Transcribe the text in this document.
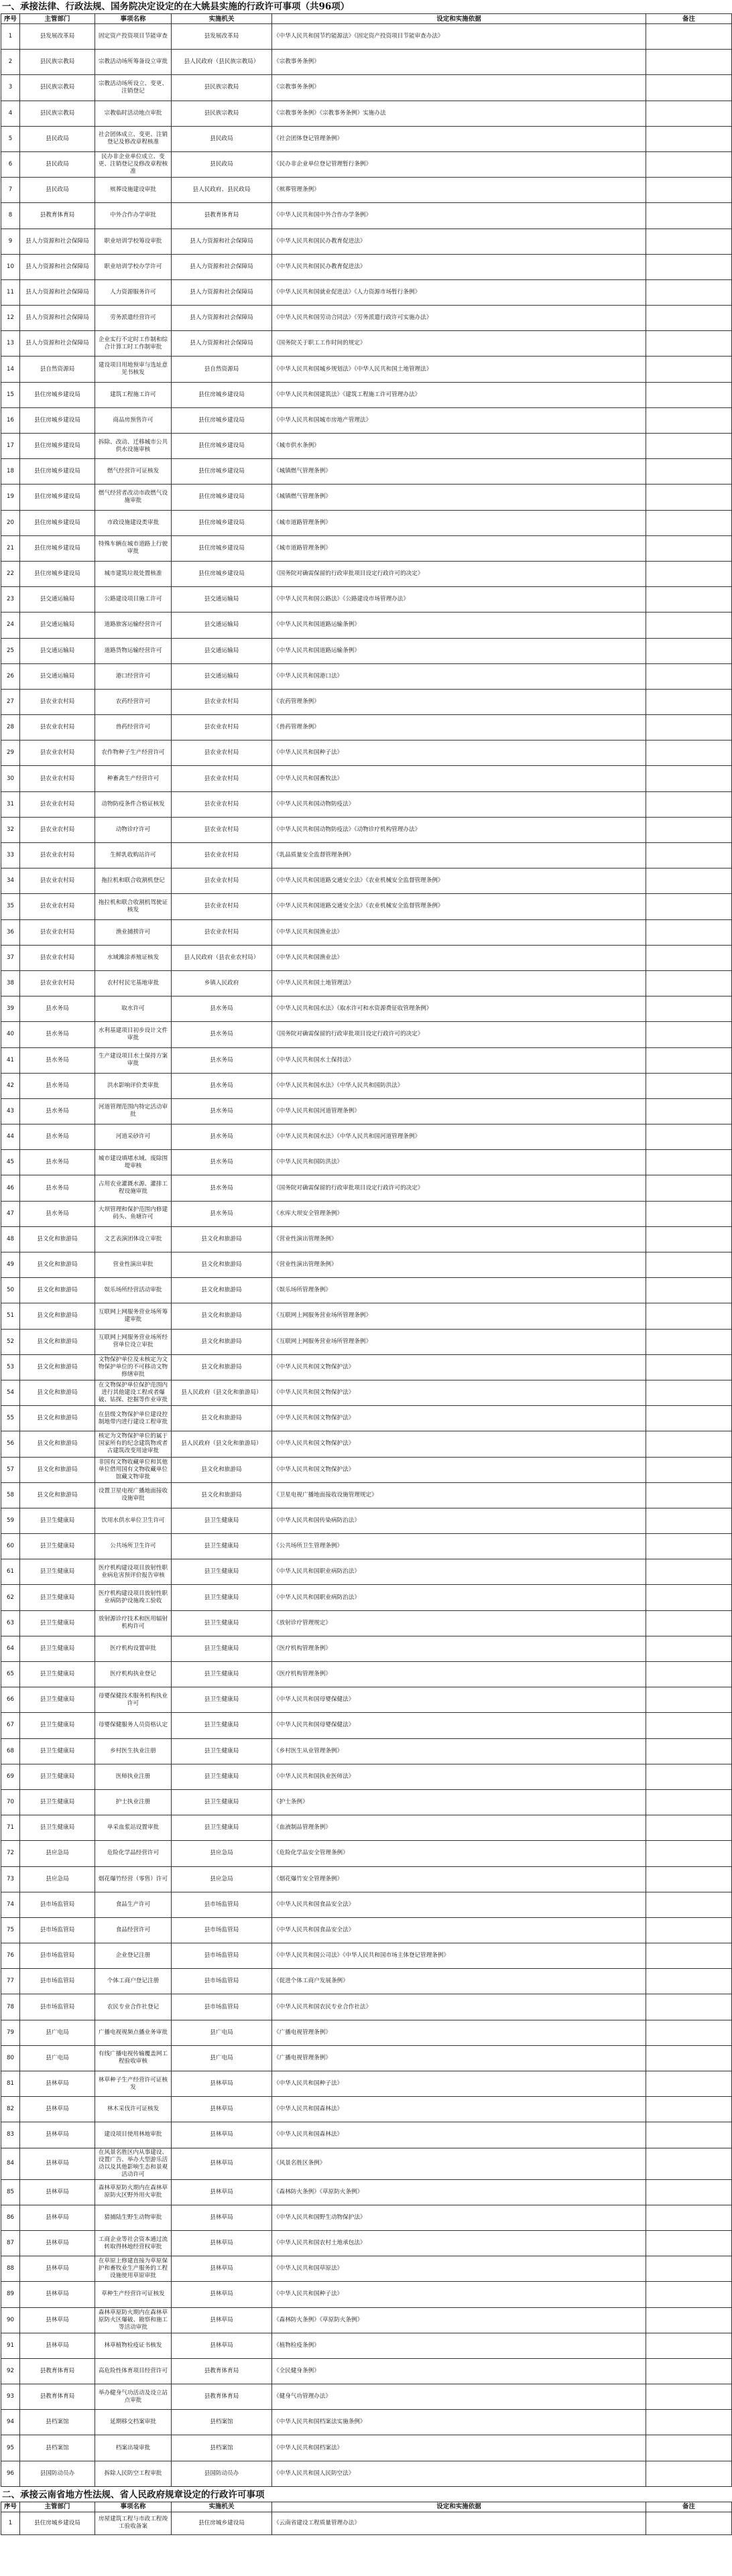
一、承接法律、行政法规、国务院决定设定的在大姚县实施的行政许可事项（共96项）
序号	主管部门	事项名称	实施机关	设定和实施依据	备注
1	县发展改革局	固定资产投资项目节能审查	县发展改革局	《中华人民共和国节约能源法》《固定资产投资项目节能审查办法》	
2	县民族宗教局	宗教活动场所筹备设立审批	县人民政府（县民族宗教局）	《宗教事务条例》	
3	县民族宗教局	宗教活动场所设立、变更、注销登记	县民族宗教局	《宗教事务条例》	
4	县民族宗教局	宗教临时活动地点审批	县民族宗教局	《宗教事务条例》《宗教事务条例》实施办法	
5	县民政局	社会团体成立、变更、注销登记及修改章程核准	县民政局	《社会团体登记管理条例》	
6	县民政局	民办非企业单位成立、变更、注销登记及修改章程核准	县民政局	《民办非企业单位登记管理暂行条例》	
7	县民政局	殡葬设施建设审批	县人民政府、县民政局	《殡葬管理条例》	
8	县教育体育局	中外合作办学审批	县教育体育局	《中华人民共和国中外合作办学条例》	
9	县人力资源和社会保障局	职业培训学校筹设审批	县人力资源和社会保障局	《中华人民共和国民办教育促进法》	
10	县人力资源和社会保障局	职业培训学校办学许可	县人力资源和社会保障局	《中华人民共和国民办教育促进法》	
11	县人力资源和社会保障局	人力资源服务许可	县人力资源和社会保障局	《中华人民共和国就业促进法》《人力资源市场暂行条例》	
12	县人力资源和社会保障局	劳务派遣经营许可	县人力资源和社会保障局	《中华人民共和国劳动合同法》《劳务派遣行政许可实施办法》	
13	县人力资源和社会保障局	企业实行不定时工作制和综合计算工时工作制审批	县人力资源和社会保障局	《国务院关于职工工作时间的规定》	
14	县自然资源局	建设项目用地预审与选址意见书核发	县自然资源局	《中华人民共和国城乡规划法》《中华人民共和国土地管理法》	
15	县住房城乡建设局	建筑工程施工许可	县住房城乡建设局	《中华人民共和国建筑法》《建筑工程施工许可管理办法》	
16	县住房城乡建设局	商品房预售许可	县住房城乡建设局	《中华人民共和国城市房地产管理法》	
17	县住房城乡建设局	拆除、改动、迁移城市公共供水设施审核	县住房城乡建设局	《城市供水条例》	
18	县住房城乡建设局	燃气经营许可证核发	县住房城乡建设局	《城镇燃气管理条例》	
19	县住房城乡建设局	燃气经营者改动市政燃气设施审批	县住房城乡建设局	《城镇燃气管理条例》	
20	县住房城乡建设局	市政设施建设类审批	县住房城乡建设局	《城市道路管理条例》	
21	县住房城乡建设局	特殊车辆在城市道路上行驶审批	县住房城乡建设局	《城市道路管理条例》	
22	县住房城乡建设局	城市建筑垃圾处置核准	县住房城乡建设局	《国务院对确需保留的行政审批项目设定行政许可的决定》	
23	县交通运输局	公路建设项目施工许可	县交通运输局	《中华人民共和国公路法》《公路建设市场管理办法》	
24	县交通运输局	道路旅客运输经营许可	县交通运输局	《中华人民共和国道路运输条例》	
25	县交通运输局	道路货物运输经营许可	县交通运输局	《中华人民共和国道路运输条例》	
26	县交通运输局	港口经营许可	县交通运输局	《中华人民共和国港口法》	
27	县农业农村局	农药经营许可	县农业农村局	《农药管理条例》	
28	县农业农村局	兽药经营许可	县农业农村局	《兽药管理条例》	
29	县农业农村局	农作物种子生产经营许可	县农业农村局	《中华人民共和国种子法》	
30	县农业农村局	种畜禽生产经营许可	县农业农村局	《中华人民共和国畜牧法》	
31	县农业农村局	动物防疫条件合格证核发	县农业农村局	《中华人民共和国动物防疫法》	
32	县农业农村局	动物诊疗许可	县农业农村局	《中华人民共和国动物防疫法》《动物诊疗机构管理办法》	
33	县农业农村局	生鲜乳收购站许可	县农业农村局	《乳品质量安全监督管理条例》	
34	县农业农村局	拖拉机和联合收割机登记	县农业农村局	《中华人民共和国道路交通安全法》《农业机械安全监督管理条例》	
35	县农业农村局	拖拉机和联合收割机驾驶证核发	县农业农村局	《中华人民共和国道路交通安全法》《农业机械安全监督管理条例》	
36	县农业农村局	渔业捕捞许可	县农业农村局	《中华人民共和国渔业法》	
37	县农业农村局	水域滩涂养殖证核发	县人民政府（县农业农村局）	《中华人民共和国渔业法》	
38	县农业农村局	农村村民宅基地审批	乡镇人民政府	《中华人民共和国土地管理法》	
39	县水务局	取水许可	县水务局	《中华人民共和国水法》《取水许可和水资源费征收管理条例》	
40	县水务局	水利基建项目初步设计文件审批	县水务局	《国务院对确需保留的行政审批项目设定行政许可的决定》	
41	县水务局	生产建设项目水土保持方案审批	县水务局	《中华人民共和国水土保持法》	
42	县水务局	洪水影响评价类审批	县水务局	《中华人民共和国水法》《中华人民共和国防洪法》	
43	县水务局	河道管理范围内特定活动审批	县水务局	《中华人民共和国河道管理条例》	
44	县水务局	河道采砂许可	县水务局	《中华人民共和国水法》《中华人民共和国河道管理条例》	
45	县水务局	城市建设填堵水域、废除围堤审核	县水务局	《中华人民共和国防洪法》	
46	县水务局	占用农业灌溉水源、灌排工程设施审批	县水务局	《国务院对确需保留的行政审批项目设定行政许可的决定》	
47	县水务局	大坝管理和保护范围内修建码头、鱼塘许可	县水务局	《水库大坝安全管理条例》	
48	县文化和旅游局	文艺表演团体设立审批	县文化和旅游局	《营业性演出管理条例》	
49	县文化和旅游局	营业性演出审批	县文化和旅游局	《营业性演出管理条例》	
50	县文化和旅游局	娱乐场所经营活动审批	县文化和旅游局	《娱乐场所管理条例》	
51	县文化和旅游局	互联网上网服务营业场所筹建审批	县文化和旅游局	《互联网上网服务营业场所管理条例》	
52	县文化和旅游局	互联网上网服务营业场所经营单位设立审批	县文化和旅游局	《互联网上网服务营业场所管理条例》	
53	县文化和旅游局	文物保护单位及未核定为文物保护单位的不可移动文物修缮审批	县文化和旅游局	《中华人民共和国文物保护法》	
54	县文化和旅游局	在文物保护单位保护范围内进行其他建设工程或者爆破、钻探、挖掘等作业审批	县人民政府（县文化和旅游局）	《中华人民共和国文物保护法》	
55	县文化和旅游局	在县级文物保护单位建设控制地带内进行建设工程审批	县文化和旅游局	《中华人民共和国文物保护法》	
56	县文化和旅游局	核定为文物保护单位的属于国家所有的纪念建筑物或者古建筑改变用途审批	县人民政府（县文化和旅游局）	《中华人民共和国文物保护法》	
57	县文化和旅游局	非国有文物收藏单位和其他单位借用国有文物收藏单位馆藏文物审批	县文化和旅游局	《中华人民共和国文物保护法》	
58	县文化和旅游局	设置卫星电视广播地面接收设施审批	县文化和旅游局	《卫星电视广播地面接收设施管理规定》	
59	县卫生健康局	饮用水供水单位卫生许可	县卫生健康局	《中华人民共和国传染病防治法》	
60	县卫生健康局	公共场所卫生许可	县卫生健康局	《公共场所卫生管理条例》	
61	县卫生健康局	医疗机构建设项目放射性职业病危害预评价报告审核	县卫生健康局	《中华人民共和国职业病防治法》	
62	县卫生健康局	医疗机构建设项目放射性职业病防护设施竣工验收	县卫生健康局	《中华人民共和国职业病防治法》	
63	县卫生健康局	放射源诊疗技术和医用辐射机构许可	县卫生健康局	《放射诊疗管理规定》	
64	县卫生健康局	医疗机构设置审批	县卫生健康局	《医疗机构管理条例》	
65	县卫生健康局	医疗机构执业登记	县卫生健康局	《医疗机构管理条例》	
66	县卫生健康局	母婴保健技术服务机构执业许可	县卫生健康局	《中华人民共和国母婴保健法》	
67	县卫生健康局	母婴保健服务人员资格认定	县卫生健康局	《中华人民共和国母婴保健法》	
68	县卫生健康局	乡村医生执业注册	县卫生健康局	《乡村医生从业管理条例》	
69	县卫生健康局	医师执业注册	县卫生健康局	《中华人民共和国执业医师法》	
70	县卫生健康局	护士执业注册	县卫生健康局	《护士条例》	
71	县卫生健康局	单采血浆站设置审批	县卫生健康局	《血液制品管理条例》	
72	县应急局	危险化学品经营许可	县应急局	《危险化学品安全管理条例》	
73	县应急局	烟花爆竹经营（零售）许可	县应急局	《烟花爆竹安全管理条例》	
74	县市场监管局	食品生产许可	县市场监管局	《中华人民共和国食品安全法》	
75	县市场监管局	食品经营许可	县市场监管局	《中华人民共和国食品安全法》	
76	县市场监管局	企业登记注册	县市场监管局	《中华人民共和国公司法》《中华人民共和国市场主体登记管理条例》	
77	县市场监管局	个体工商户登记注册	县市场监管局	《促进个体工商户发展条例》	
78	县市场监管局	农民专业合作社登记	县市场监管局	《中华人民共和国农民专业合作社法》	
79	县广电局	广播电视视频点播业务审批	县广电局	《广播电视管理条例》	
80	县广电局	有线广播电视传输覆盖网工程验收审核	县广电局	《广播电视管理条例》	
81	县林草局	林草种子生产经营许可证核发	县林草局	《中华人民共和国种子法》	
82	县林草局	林木采伐许可证核发	县林草局	《中华人民共和国森林法》	
83	县林草局	建设项目使用林地审批	县林草局	《中华人民共和国森林法》	
84	县林草局	在风景名胜区内从事建设、设置广告、举办大型游乐活动以及其他影响生态和景观活动许可	县林草局	《风景名胜区条例》	
85	县林草局	森林草原防火期内在森林草原防火区野外用火审批	县林草局	《森林防火条例》《草原防火条例》	
86	县林草局	猎捕陆生野生动物审批	县林草局	《中华人民共和国野生动物保护法》	
87	县林草局	工商企业等社会资本通过流转取得林地经营权审批	县林草局	《中华人民共和国农村土地承包法》	
88	县林草局	在草原上修建直接为草原保护和畜牧业生产服务的工程设施使用草原审批	县林草局	《中华人民共和国草原法》	
89	县林草局	草种生产经营许可证核发	县林草局	《中华人民共和国种子法》	
90	县林草局	森林草原防火期内在森林草原防火区爆破、勘察和施工等活动审批	县林草局	《森林防火条例》《草原防火条例》	
91	县林草局	林草植物检疫证书核发	县林草局	《植物检疫条例》	
92	县教育体育局	高危险性体育项目经营许可	县教育体育局	《全民健身条例》	
93	县教育体育局	举办健身气功活动及设立站点审批	县教育体育局	《健身气功管理办法》	
94	县档案馆	延期移交档案审批	县档案馆	《中华人民共和国档案法实施条例》	
95	县档案馆	档案出境审批	县档案馆	《中华人民共和国档案法》	
96	县国防动员办	拆除人民防空工程审批	县国防动员办	《中华人民共和国人民防空法》	
二、承接云南省地方性法规、省人民政府规章设定的行政许可事项
序号	主管部门	事项名称	实施机关	设定和实施依据	备注
1	县住房城乡建设局	房屋建筑工程与市政工程竣工验收备案	县住房城乡建设局	《云南省建设工程质量管理办法》	
